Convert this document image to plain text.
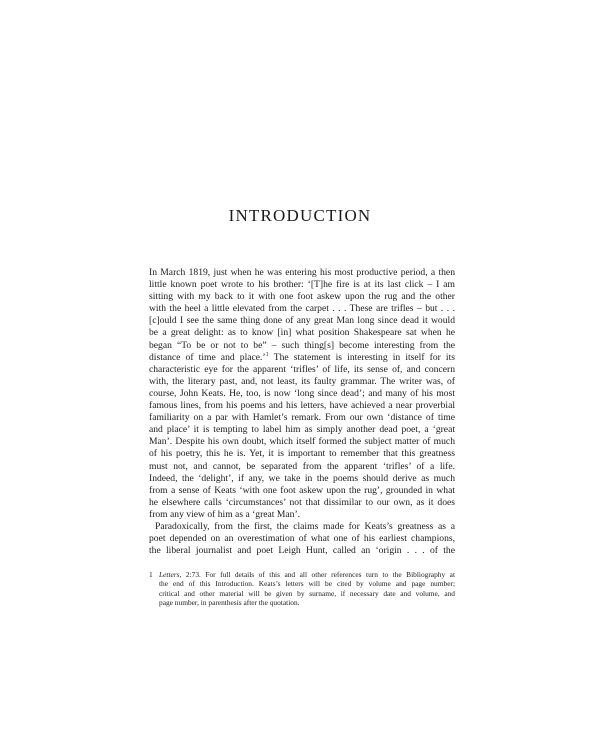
INTRODUCTION
In March 1819, just when he was entering his most productive period, a then
little known poet wrote to his brother: ‘[T]he fire is at its last click – I am
sitting with my back to it with one foot askew upon the rug and the other
with the heel a little elevated from the carpet . . . These are trifles – but . . .
[c]ould I see the same thing done of any great Man long since dead it would
be a great delight: as to know [in] what position Shakespeare sat when he
began “To be or not to be” – such thing[s] become interesting from the
distance of time and place.’$^1$ The statement is interesting in itself for its
characteristic eye for the apparent ‘trifles’ of life, its sense of, and concern
with, the literary past, and, not least, its faulty grammar. The writer was, of
course, John Keats. He, too, is now ‘long since dead’; and many of his most
famous lines, from his poems and his letters, have achieved a near proverbial
familiarity on a par with Hamlet’s remark. From our own ‘distance of time
and place’ it is tempting to label him as simply another dead poet, a ‘great
Man’. Despite his own doubt, which itself formed the subject matter of much
of his poetry, this he is. Yet, it is important to remember that this greatness
must not, and cannot, be separated from the apparent ‘trifles’ of a life.
Indeed, the ‘delight’, if any, we take in the poems should derive as much
from a sense of Keats ‘with one foot askew upon the rug’, grounded in what
he elsewhere calls ‘circumstances’ not that dissimilar to our own, as it does
from any view of him as a ‘great Man’.
Paradoxically, from the first, the claims made for Keats’s greatness as a
poet depended on an overestimation of what one of his earliest champions,
the liberal journalist and poet Leigh Hunt, called an ‘origin . . . of the
1 Letters, 2:73. For full details of this and all other references turn to the Bibliography at
the end of this Introduction. Keats’s letters will be cited by volume and page number;
critical and other material will be given by surname, if necessary date and volume, and
page number, in parenthesis after the quotation.
